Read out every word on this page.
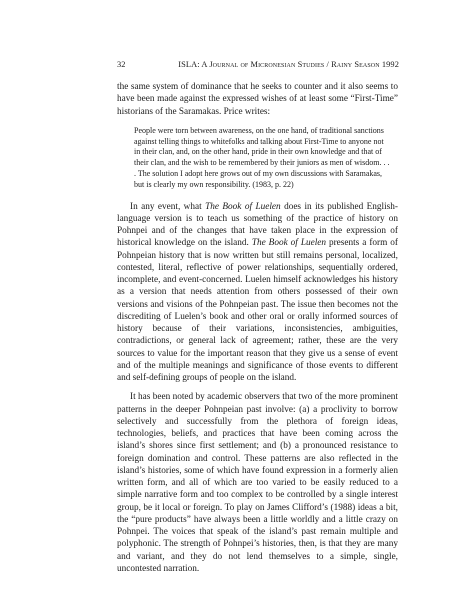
32	ISLA: A Journal of Micronesian Studies / Rainy Season 1992

the same system of dominance that he seeks to counter and it also seems to have been made against the expressed wishes of at least some “First-Time” historians of the Saramakas. Price writes:

People were torn between awareness, on the one hand, of traditional sanctions against telling things to whitefolks and talking about First-Time to anyone not in their clan, and, on the other hand, pride in their own knowledge and that of their clan, and the wish to be remembered by their juniors as men of wisdom. . . . The solution I adopt here grows out of my own discussions with Saramakas, but is clearly my own responsibility. (1983, p. 22)

In any event, what The Book of Luelen does in its published English-language version is to teach us something of the practice of history on Pohnpei and of the changes that have taken place in the expression of historical knowledge on the island. The Book of Luelen presents a form of Pohnpeian history that is now written but still remains personal, localized, contested, literal, reflective of power relationships, sequentially ordered, incomplete, and event-concerned. Luelen himself acknowledges his history as a version that needs attention from others possessed of their own versions and visions of the Pohnpeian past. The issue then becomes not the discrediting of Luelen’s book and other oral or orally informed sources of history because of their variations, inconsistencies, ambiguities, contradictions, or general lack of agreement; rather, these are the very sources to value for the important reason that they give us a sense of event and of the multiple meanings and significance of those events to different and self-defining groups of people on the island.

It has been noted by academic observers that two of the more prominent patterns in the deeper Pohnpeian past involve: (a) a proclivity to borrow selectively and successfully from the plethora of foreign ideas, technologies, beliefs, and practices that have been coming across the island’s shores since first settlement; and (b) a pronounced resistance to foreign domination and control. These patterns are also reflected in the island’s histories, some of which have found expression in a formerly alien written form, and all of which are too varied to be easily reduced to a simple narrative form and too complex to be controlled by a single interest group, be it local or foreign. To play on James Clifford’s (1988) ideas a bit, the “pure products” have always been a little worldly and a little crazy on Pohnpei. The voices that speak of the island’s past remain multiple and polyphonic. The strength of Pohnpei’s histories, then, is that they are many and variant, and they do not lend themselves to a simple, single, uncontested narration.
